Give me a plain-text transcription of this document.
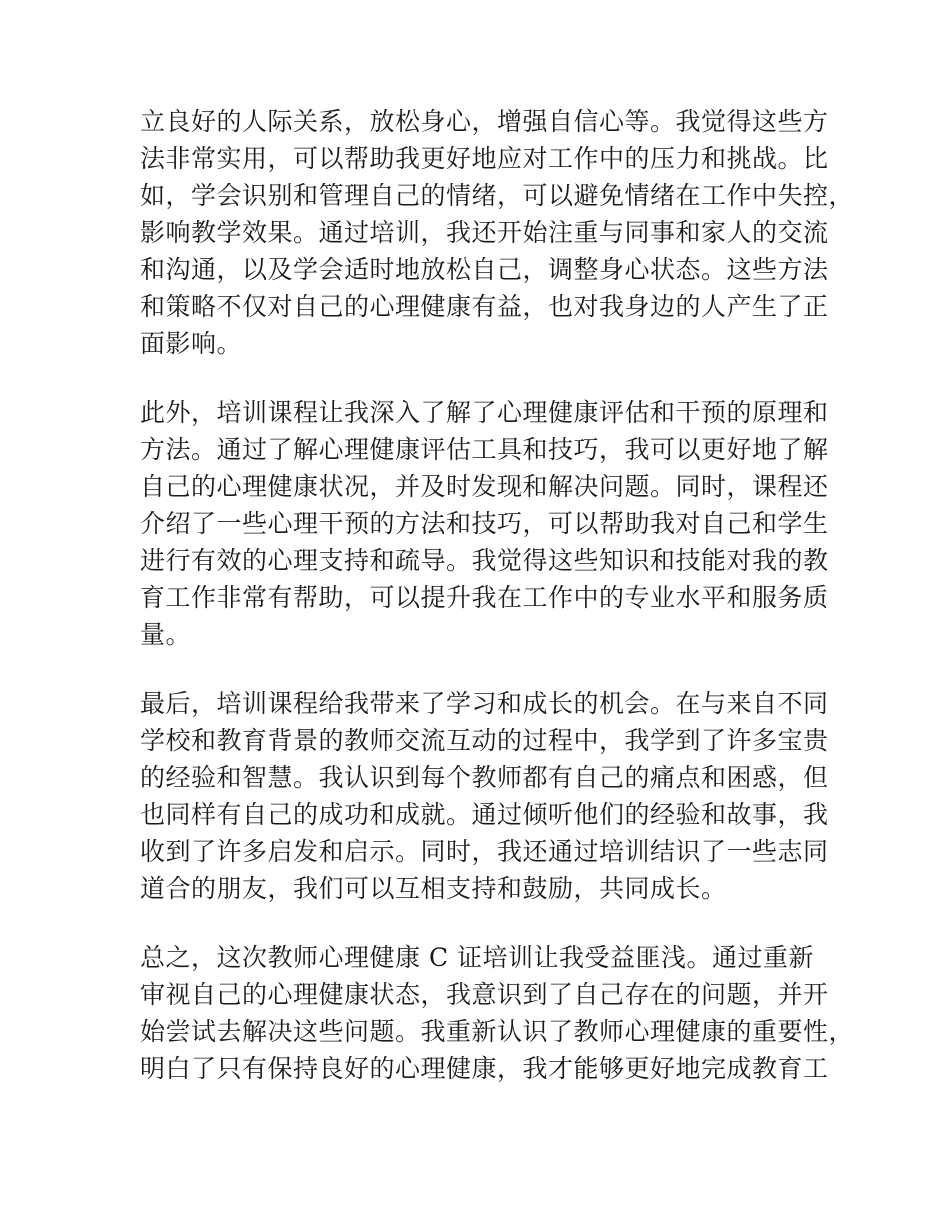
立良好的人际关系，放松身心，增强自信心等。我觉得这些方
法非常实用，可以帮助我更好地应对工作中的压力和挑战。比
如，学会识别和管理自己的情绪，可以避免情绪在工作中失控，
影响教学效果。通过培训，我还开始注重与同事和家人的交流
和沟通，以及学会适时地放松自己，调整身心状态。这些方法
和策略不仅对自己的心理健康有益，也对我身边的人产生了正
面影响。
此外，培训课程让我深入了解了心理健康评估和干预的原理和
方法。通过了解心理健康评估工具和技巧，我可以更好地了解
自己的心理健康状况，并及时发现和解决问题。同时，课程还
介绍了一些心理干预的方法和技巧，可以帮助我对自己和学生
进行有效的心理支持和疏导。我觉得这些知识和技能对我的教
育工作非常有帮助，可以提升我在工作中的专业水平和服务质
量。
最后，培训课程给我带来了学习和成长的机会。在与来自不同
学校和教育背景的教师交流互动的过程中，我学到了许多宝贵
的经验和智慧。我认识到每个教师都有自己的痛点和困惑，但
也同样有自己的成功和成就。通过倾听他们的经验和故事，我
收到了许多启发和启示。同时，我还通过培训结识了一些志同
道合的朋友，我们可以互相支持和鼓励，共同成长。
总之，这次教师心理健康 C 证培训让我受益匪浅。通过重新
审视自己的心理健康状态，我意识到了自己存在的问题，并开
始尝试去解决这些问题。我重新认识了教师心理健康的重要性，
明白了只有保持良好的心理健康，我才能够更好地完成教育工
